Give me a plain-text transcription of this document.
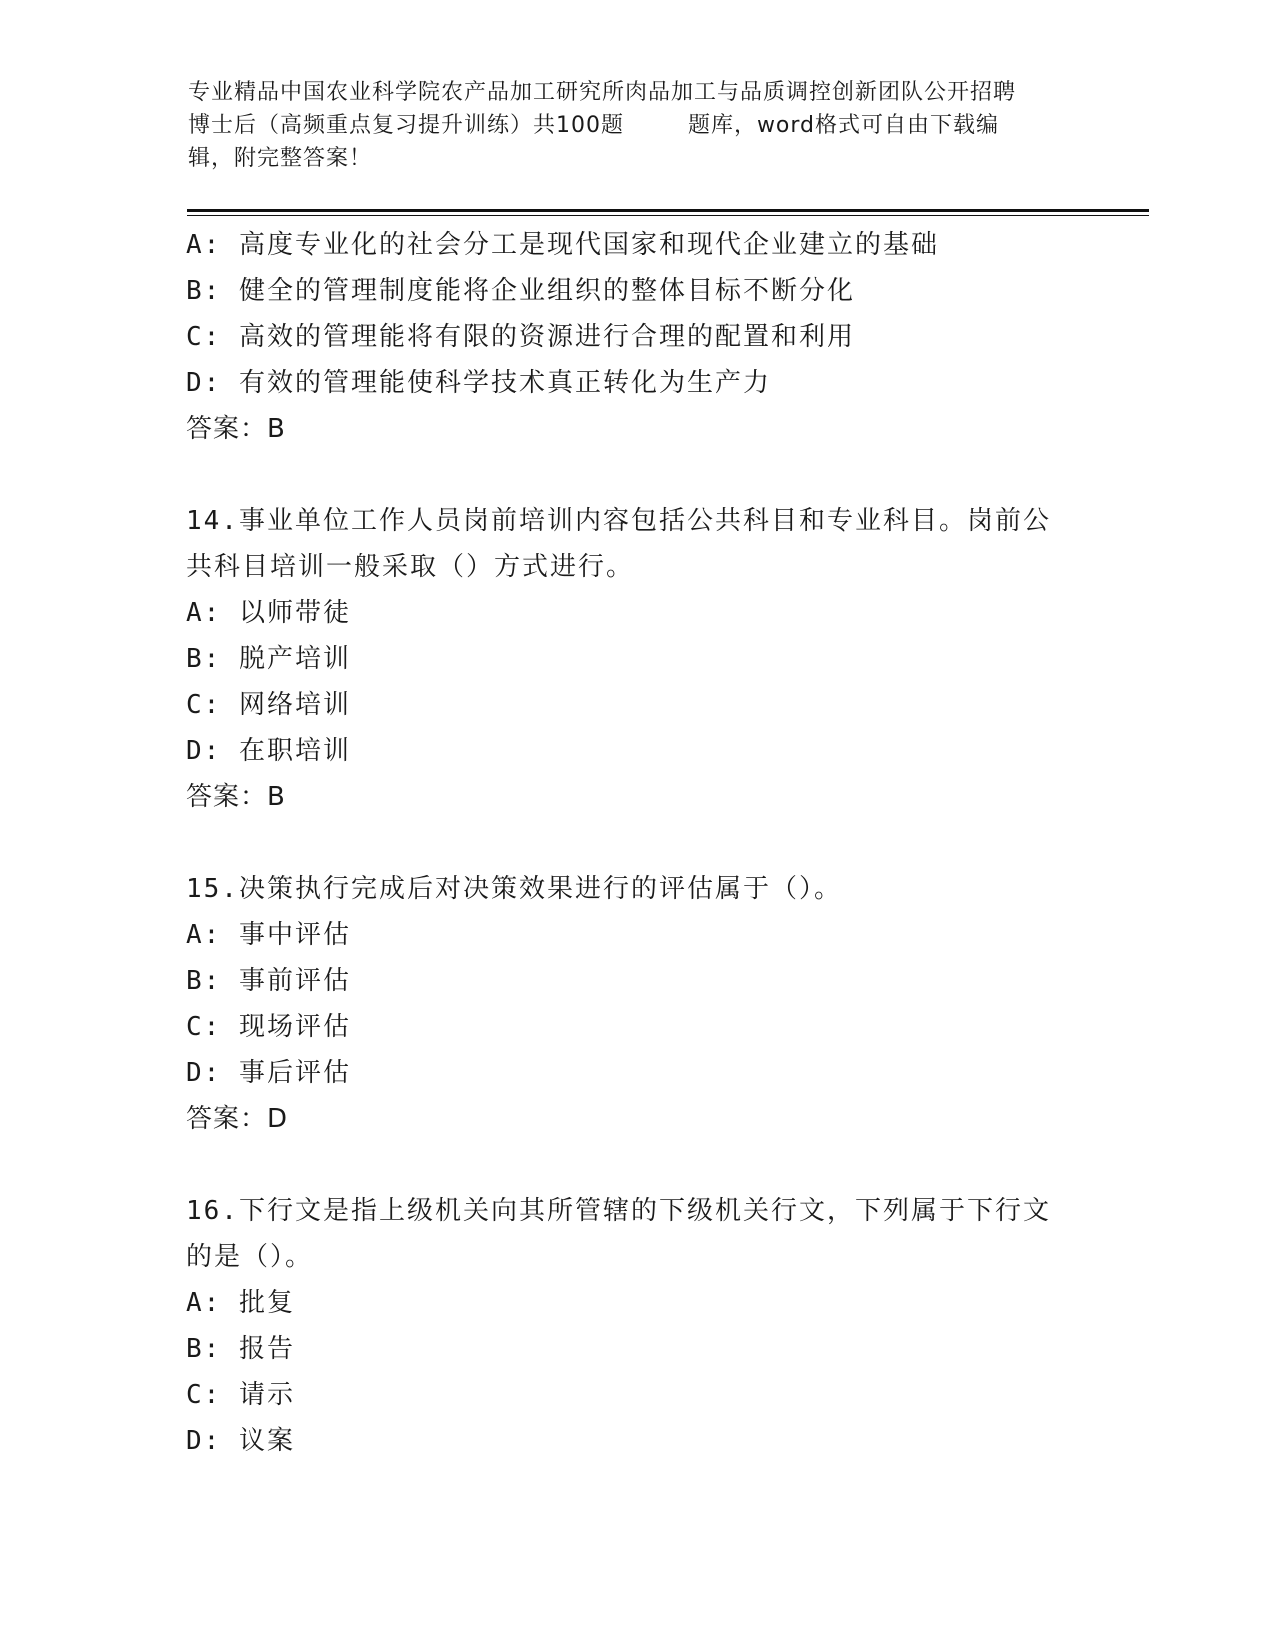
专业精品中国农业科学院农产品加工研究所肉品加工与品质调控创新团队公开招聘
博士后（高频重点复习提升训练）共100题        题库，word格式可自由下载编
辑，附完整答案！
A: 高度专业化的社会分工是现代国家和现代企业建立的基础
B: 健全的管理制度能将企业组织的整体目标不断分化
C: 高效的管理能将有限的资源进行合理的配置和利用
D: 有效的管理能使科学技术真正转化为生产力
答案：B
14.事业单位工作人员岗前培训内容包括公共科目和专业科目。岗前公
共科目培训一般采取（）方式进行。
A: 以师带徒
B: 脱产培训
C: 网络培训
D: 在职培训
答案：B
15.决策执行完成后对决策效果进行的评估属于（）。
A: 事中评估
B: 事前评估
C: 现场评估
D: 事后评估
答案：D
16.下行文是指上级机关向其所管辖的下级机关行文，下列属于下行文
的是（）。
A: 批复
B: 报告
C: 请示
D: 议案
